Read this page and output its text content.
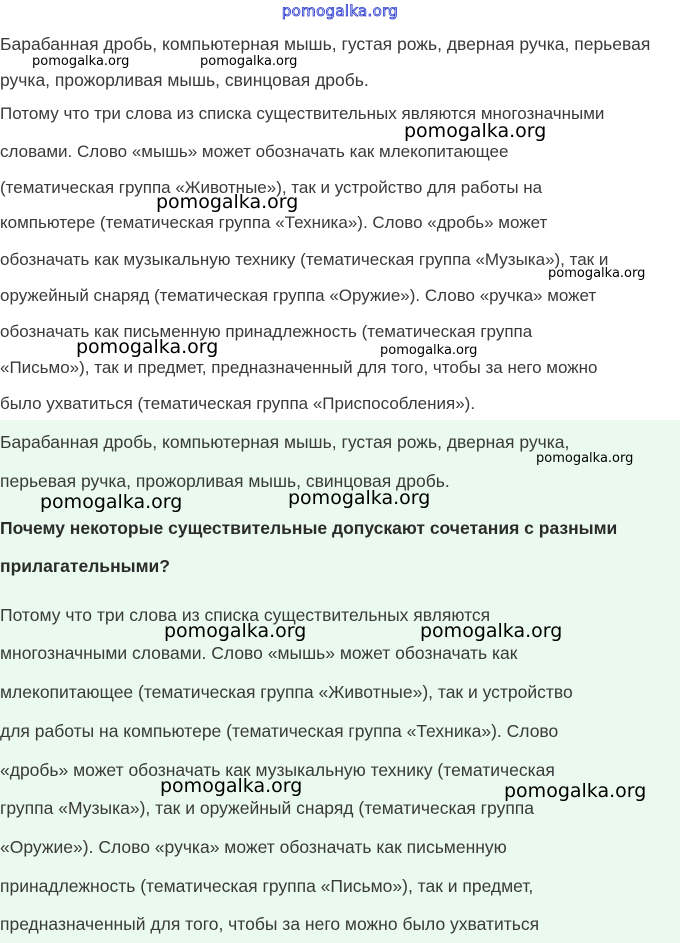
pomogalka.org
Барабанная дробь, компьютерная мышь, густая рожь, дверная ручка, перьевая
ручка, прожорливая мышь, свинцовая дробь.
Потому что три слова из списка существительных являются многозначными
словами. Слово «мышь» может обозначать как млекопитающее
(тематическая группа «Животные»), так и устройство для работы на
компьютере (тематическая группа «Техника»). Слово «дробь» может
обозначать как музыкальную технику (тематическая группа «Музыка»), так и
оружейный снаряд (тематическая группа «Оружие»). Слово «ручка» может
обозначать как письменную принадлежность (тематическая группа
«Письмо»), так и предмет, предназначенный для того, чтобы за него можно
было ухватиться (тематическая группа «Приспособления»).
Барабанная дробь, компьютерная мышь, густая рожь, дверная ручка,
перьевая ручка, прожорливая мышь, свинцовая дробь.
Почему некоторые существительные допускают сочетания с разными
прилагательными?
Потому что три слова из списка существительных являются
многозначными словами. Слово «мышь» может обозначать как
млекопитающее (тематическая группа «Животные»), так и устройство
для работы на компьютере (тематическая группа «Техника»). Слово
«дробь» может обозначать как музыкальную технику (тематическая
группа «Музыка»), так и оружейный снаряд (тематическая группа
«Оружие»). Слово «ручка» может обозначать как письменную
принадлежность (тематическая группа «Письмо»), так и предмет,
предназначенный для того, чтобы за него можно было ухватиться
pomogalka.org	pomogalka.org
pomogalka.org
pomogalka.org
pomogalka.org
pomogalka.org	pomogalka.org
pomogalka.org
pomogalka.org	pomogalka.org
pomogalka.org	pomogalka.org
pomogalka.org	pomogalka.org
